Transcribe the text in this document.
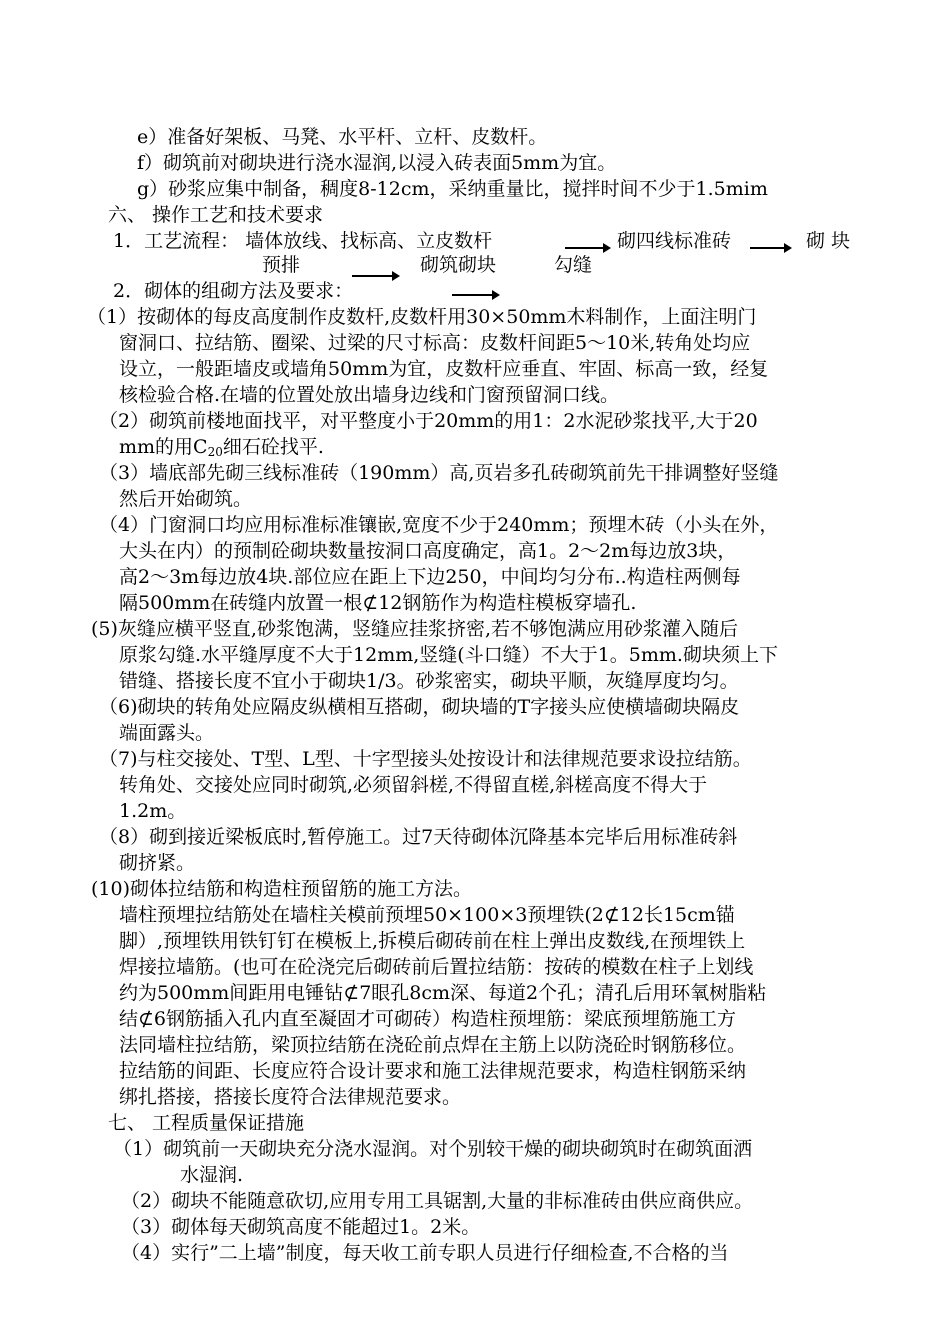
e）准备好架板、马凳、水平杆、立杆、皮数杆。
f）砌筑前对砌块进行浇水湿润,以浸入砖表面5mm为宜。
g）砂浆应集中制备，稠度8-12cm，采纳重量比，搅拌时间不少于1.5mim
六、 操作工艺和技术要求
1．工艺流程： 墙体放线、找标高、立皮数杆	砌四线标准砖	砌 块
预排	砌筑砌块	勾缝
2．砌体的组砌方法及要求：
（1）按砌体的每皮高度制作皮数杆,皮数杆用30×50mm木料制作，上面注明门
窗洞口、拉结筋、圈梁、过梁的尺寸标高：皮数杆间距5～10米,转角处均应
设立，一般距墙皮或墙角50mm为宜，皮数杆应垂直、牢固、标高一致，经复
核检验合格.在墙的位置处放出墙身边线和门窗预留洞口线。
（2）砌筑前楼地面找平，对平整度小于20mm的用1：2水泥砂浆找平,大于20
mm的用$C_{20}$细石砼找平.
（3）墙底部先砌三线标准砖（190mm）高,页岩多孔砖砌筑前先干排调整好竖缝
然后开始砌筑。
（4）门窗洞口均应用标准标准镶嵌,宽度不少于240mm；预埋木砖（小头在外，
大头在内）的预制砼砌块数量按洞口高度确定，高1。2～2m每边放3块，
高2～3m每边放4块.部位应在距上下边250，中间均匀分布..构造柱两侧每
隔500mm在砖缝内放置一根⊄12钢筋作为构造柱模板穿墙孔.
(5)灰缝应横平竖直,砂浆饱满，竖缝应挂浆挤密,若不够饱满应用砂浆灌入随后
原浆勾缝.水平缝厚度不大于12mm,竖缝(斗口缝）不大于1。5mm.砌块须上下
错缝、搭接长度不宜小于砌块1/3。砂浆密实，砌块平顺，灰缝厚度均匀。
（6)砌块的转角处应隔皮纵横相互搭砌，砌块墙的T字接头应使横墙砌块隔皮
端面露头。
（7)与柱交接处、T型、L型、十字型接头处按设计和法律规范要求设拉结筋。
转角处、交接处应同时砌筑,必须留斜槎,不得留直槎,斜槎高度不得大于
1.2m。
（8）砌到接近梁板底时,暂停施工。过7天待砌体沉降基本完毕后用标准砖斜
砌挤紧。
(10)砌体拉结筋和构造柱预留筋的施工方法。
墙柱预埋拉结筋处在墙柱关模前预埋50×100×3预埋铁(2⊄12长15cm锚
脚）,预埋铁用铁钉钉在模板上,拆模后砌砖前在柱上弹出皮数线,在预埋铁上
焊接拉墙筋。(也可在砼浇完后砌砖前后置拉结筋：按砖的模数在柱子上划线
约为500mm间距用电锤钻⊄7眼孔8cm深、每道2个孔；清孔后用环氧树脂粘
结⊄6钢筋插入孔内直至凝固才可砌砖）构造柱预埋筋：梁底预埋筋施工方
法同墙柱拉结筋，梁顶拉结筋在浇砼前点焊在主筋上以防浇砼时钢筋移位。
拉结筋的间距、长度应符合设计要求和施工法律规范要求，构造柱钢筋采纳
绑扎搭接，搭接长度符合法律规范要求。
七、 工程质量保证措施
（1）砌筑前一天砌块充分浇水湿润。对个别较干燥的砌块砌筑时在砌筑面洒
水湿润.
（2）砌块不能随意砍切,应用专用工具锯割,大量的非标准砖由供应商供应。
（3）砌体每天砌筑高度不能超过1。2米。
（4）实行”二上墙”制度，每天收工前专职人员进行仔细检查,不合格的当
